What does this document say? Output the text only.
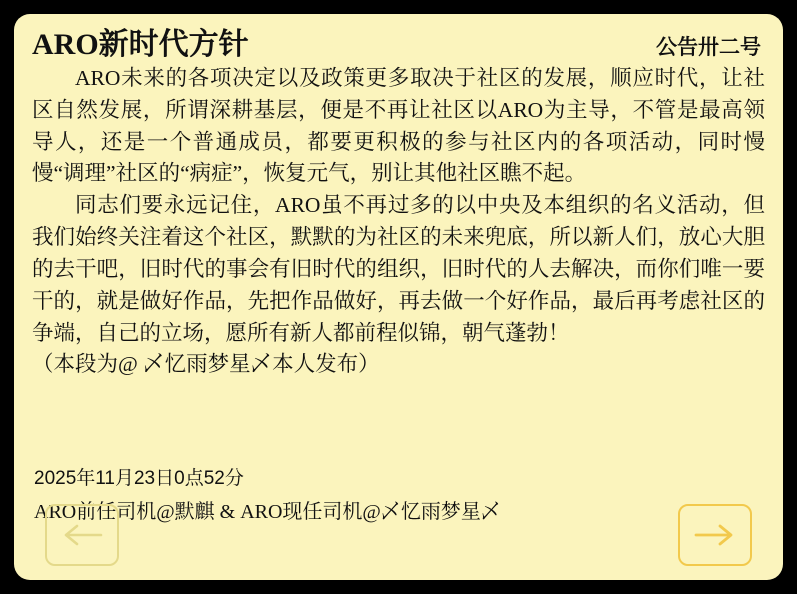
ARO新时代方针	公告卅二号

ARO未来的各项决定以及政策更多取决于社区的发展，顺应时代，让社区自然发展，所谓深耕基层，便是不再让社区以ARO为主导，不管是最高领导人，还是一个普通成员，都要更积极的参与社区内的各项活动，同时慢慢“调理”社区的“病症”，恢复元气，别让其他社区瞧不起。

同志们要永远记住，ARO虽不再过多的以中央及本组织的名义活动，但我们始终关注着这个社区，默默的为社区的未来兜底，所以新人们，放心大胆的去干吧，旧时代的事会有旧时代的组织，旧时代的人去解决，而你们唯一要干的，就是做好作品，先把作品做好，再去做一个好作品，最后再考虑社区的争端，自己的立场，愿所有新人都前程似锦，朝气蓬勃！

（本段为@ 乄忆雨梦星乄本人发布）

2025年11月23日0点52分
ARO前任司机@默麒 & ARO现任司机@乄忆雨梦星乄
